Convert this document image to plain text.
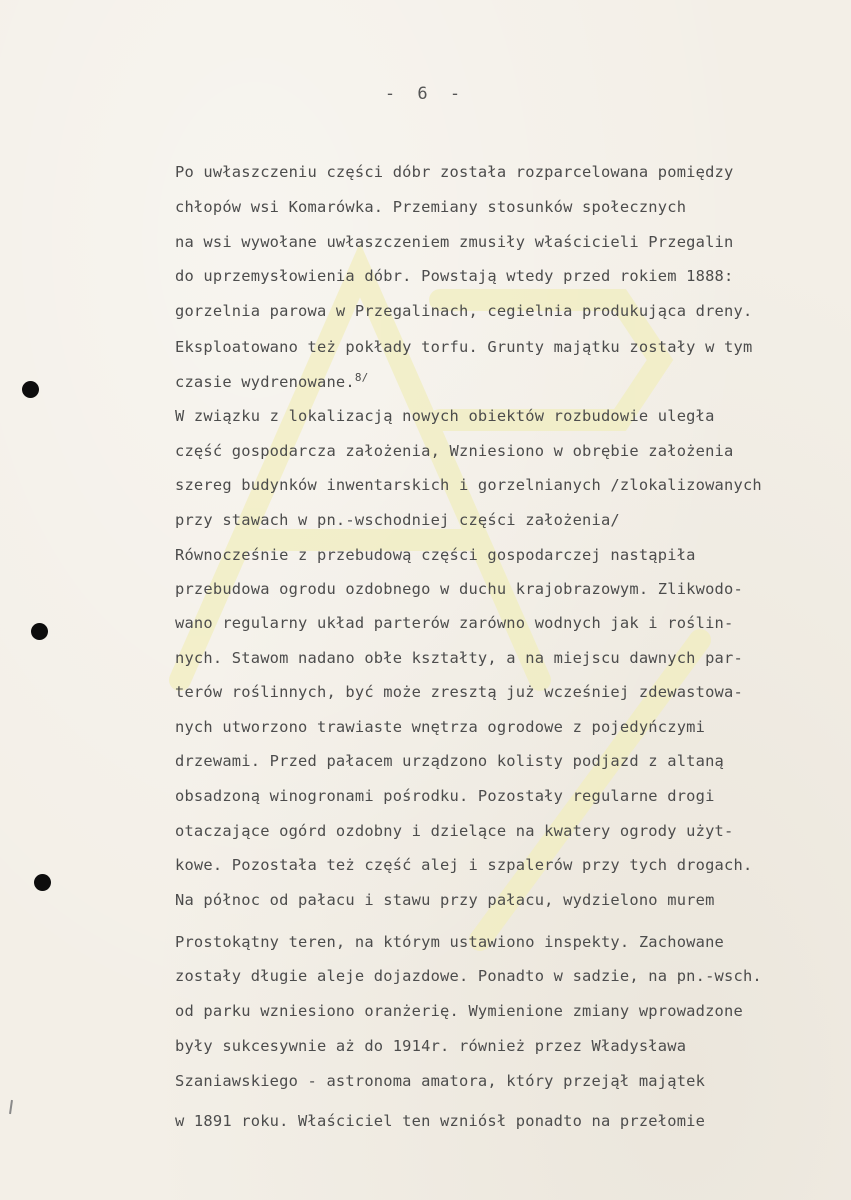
- 6 -
Po uwłaszczeniu części dóbr została rozparcelowana pomiędzy
chłopów wsi Komarówka. Przemiany stosunków społecznych
na wsi wywołane uwłaszczeniem zmusiły właścicieli Przegalin
do uprzemysłowienia dóbr. Powstają wtedy przed rokiem 1888:
gorzelnia parowa w Przegalinach, cegielnia produkująca dreny.
Eksploatowano też pokłady torfu. Grunty majątku zostały w tym
czasie wydrenowane.$^{8/}$
W związku z lokalizacją nowych obiektów rozbudowie uległa
część gospodarcza założenia, Wzniesiono w obrębie założenia
szereg budynków inwentarskich i gorzelnianych /zlokalizowanych
przy stawach w pn.-wschodniej części założenia/
Równocześnie z przebudową części gospodarczej nastąpiła
przebudowa ogrodu ozdobnego w duchu krajobrazowym. Zlikwodo-
wano regularny układ parterów zarówno wodnych jak i roślin-
nych. Stawom nadano obłe kształty, a na miejscu dawnych par-
terów roślinnych, być może zresztą już wcześniej zdewastowa-
nych utworzono trawiaste wnętrza ogrodowe z pojedyńczymi
drzewami. Przed pałacem urządzono kolisty podjazd z altaną
obsadzoną winogronami pośrodku. Pozostały regularne drogi
otaczające ogórd ozdobny i dzielące na kwatery ogrody użyt-
kowe. Pozostała też część alej i szpalerów przy tych drogach.
Na północ od pałacu i stawu przy pałacu, wydzielono murem
Prostokątny teren, na którym ustawiono inspekty. Zachowane
zostały długie aleje dojazdowe. Ponadto w sadzie, na pn.-wsch.
od parku wzniesiono oranżerię. Wymienione zmiany wprowadzone
były sukcesywnie aż do 1914r. również przez Władysława
Szaniawskiego - astronoma amatora, który przejął majątek
w 1891 roku. Właściciel ten wzniósł ponadto na przełomie
